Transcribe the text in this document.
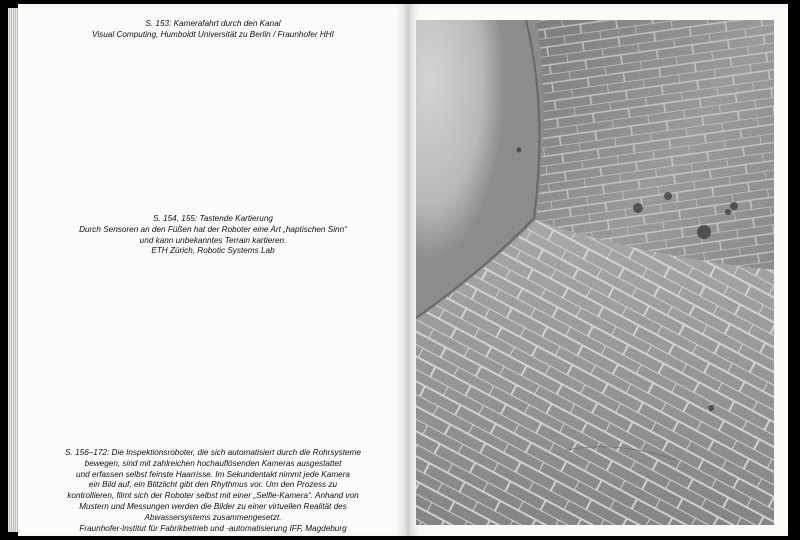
S. 153: Kamerafahrt durch den Kanal
Visual Computing, Humboldt Universität zu Berlin / Fraunhofer HHI
S. 154, 155: Tastende Kartierung
Durch Sensoren an den Füßen hat der Roboter eine Art „haptischen Sinn“
und kann unbekanntes Terrain kartieren.
ETH Zürich, Robotic Systems Lab
S. 156–172: Die Inspektionsroboter, die sich automatisiert durch die Rohrsysteme
bewegen, sind mit zahlreichen hochauflösenden Kameras ausgestattet
und erfassen selbst feinste Haarrisse. Im Sekundentakt nimmt jede Kamera
ein Bild auf, ein Blitzlicht gibt den Rhythmus vor. Um den Prozess zu
kontrollieren, filmt sich der Roboter selbst mit einer „Selfie-Kamera“. Anhand von
Mustern und Messungen werden die Bilder zu einer virtuellen Realität des
Abwassersystems zusammengesetzt.
Fraunhofer-Institut für Fabrikbetrieb und -automatisierung IFF, Magdeburg
